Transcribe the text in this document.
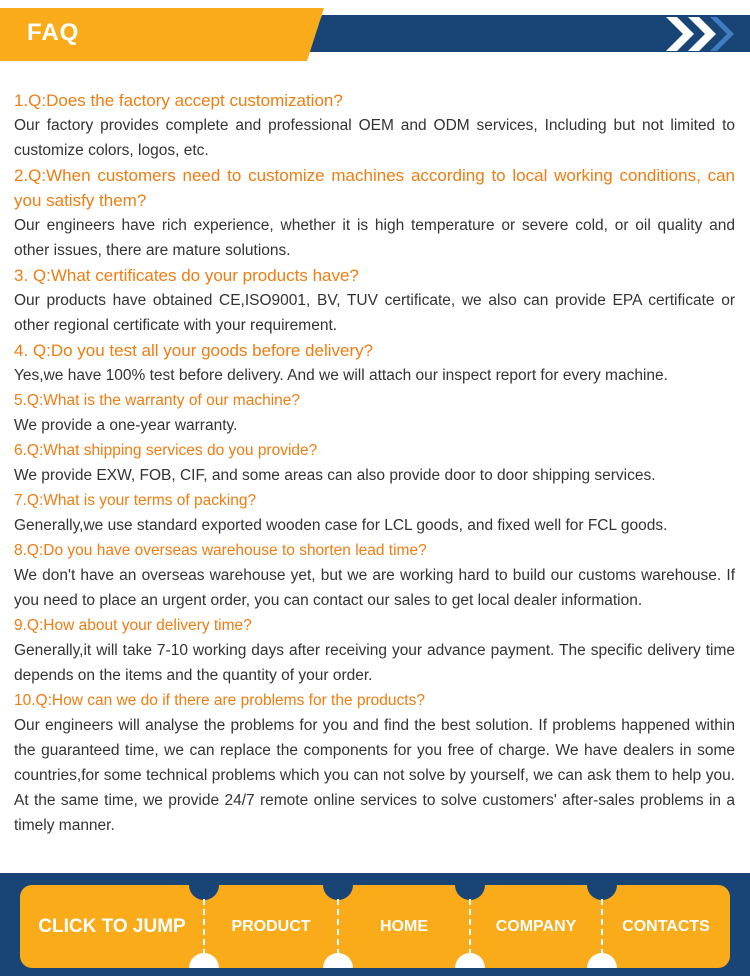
FAQ
1.Q:Does the factory accept customization?
Our factory provides complete and professional OEM and ODM services, Including but not limited to customize colors, logos, etc.
2.Q:When customers need to customize machines according to local working conditions, can you satisfy them?
Our engineers have rich experience, whether it is high temperature or severe cold, or oil quality and other issues, there are mature solutions.
3. Q:What certificates do your products have?
Our products have obtained CE,ISO9001, BV, TUV certificate, we also can provide EPA certificate or other regional certificate with your requirement.
4. Q:Do you test all your goods before delivery?
Yes,we have 100% test before delivery. And we will attach our inspect report for every machine.
5.Q:What is the warranty of our machine?
We provide a one-year warranty.
6.Q:What shipping services do you provide?
We provide EXW, FOB, CIF, and some areas can also provide door to door shipping services.
7.Q:What is your terms of packing?
Generally,we use standard exported wooden case for LCL goods, and fixed well for FCL goods.
8.Q:Do you have overseas warehouse to shorten lead time?
We don't have an overseas warehouse yet, but we are working hard to build our customs warehouse. If you need to place an urgent order, you can contact our sales to get local dealer information.
9.Q:How about your delivery time?
Generally,it will take 7-10 working days after receiving your advance payment. The specific delivery time depends on the items and the quantity of your order.
10.Q:How can we do if there are problems for the products?
Our engineers will analyse the problems for you and find the best solution. If problems happened within the guaranteed time, we can replace the components for you free of charge. We have dealers in some countries,for some technical problems which you can not solve by yourself, we can ask them to help you. At the same time, we provide 24/7 remote online services to solve customers' after-sales problems in a timely manner.
CLICK TO JUMP	PRODUCT	HOME	COMPANY	CONTACTS
